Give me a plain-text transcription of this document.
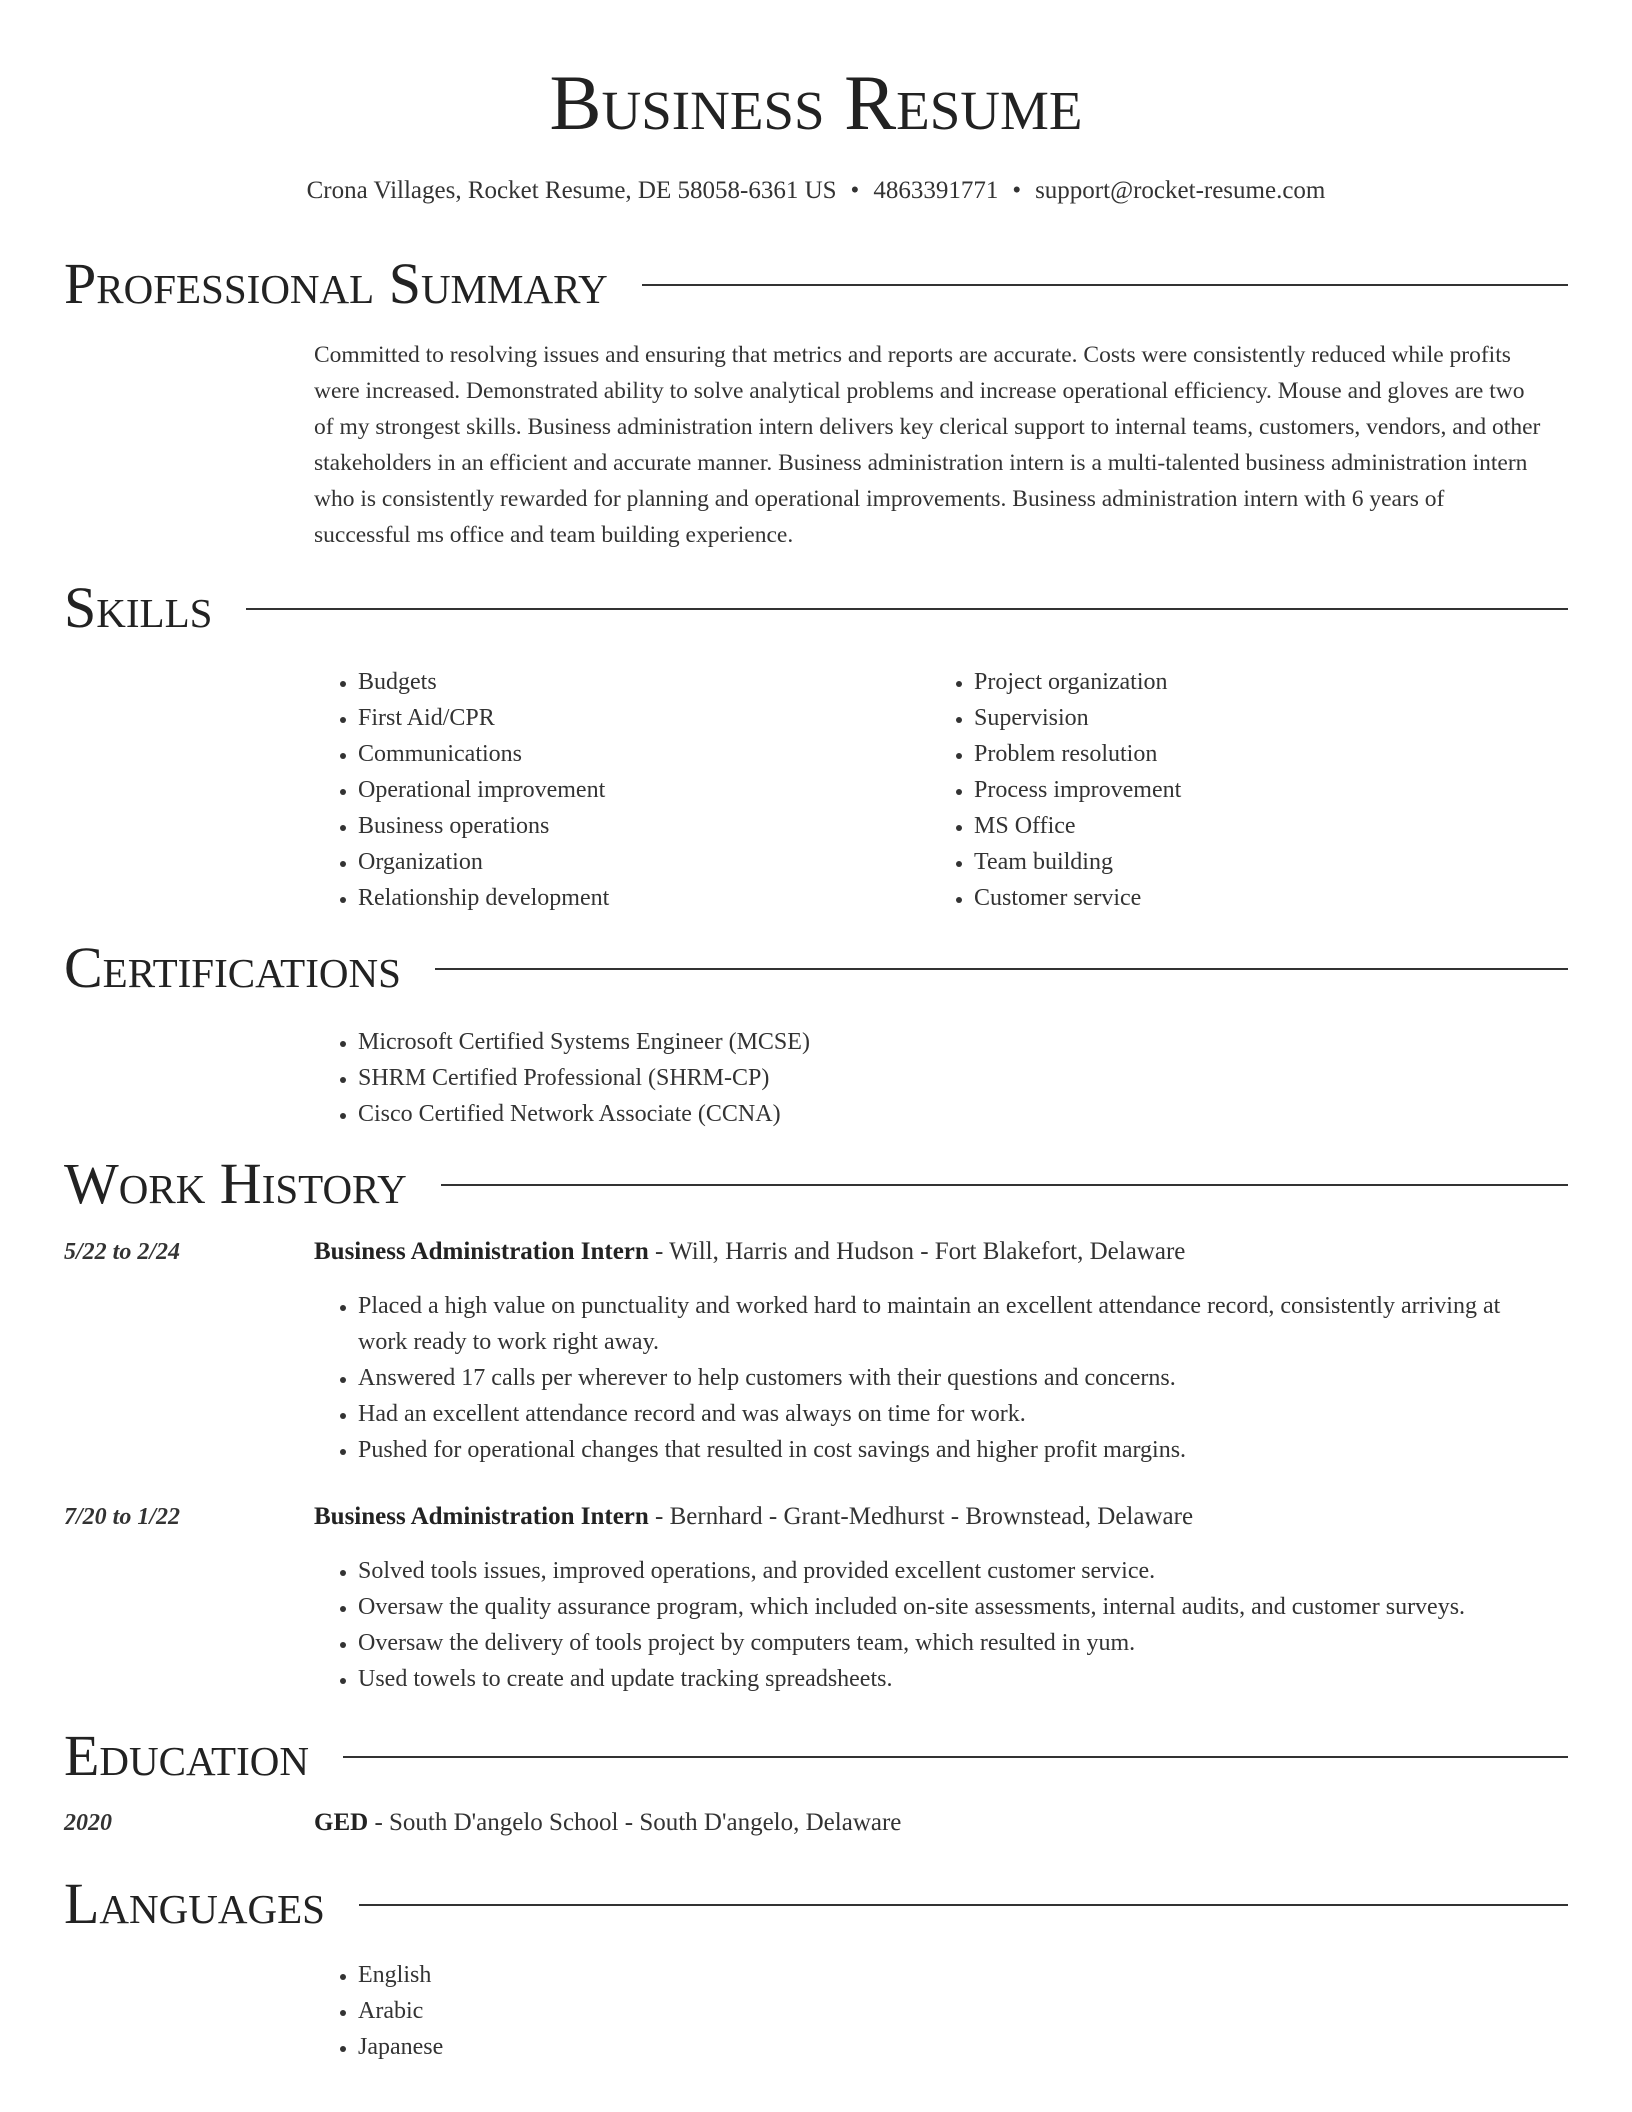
Business Resume
Crona Villages, Rocket Resume, DE 58058-6361 US • 4863391771 • support@rocket-resume.com
Professional Summary

Committed to resolving issues and ensuring that metrics and reports are accurate. Costs were consistently reduced while profits were increased. Demonstrated ability to solve analytical problems and increase operational efficiency. Mouse and gloves are two of my strongest skills. Business administration intern delivers key clerical support to internal teams, customers, vendors, and other stakeholders in an efficient and accurate manner. Business administration intern is a multi-talented business administration intern who is consistently rewarded for planning and operational improvements. Business administration intern with 6 years of successful ms office and team building experience.

Skills
• Budgets
• First Aid/CPR
• Communications
• Operational improvement
• Business operations
• Organization
• Relationship development
• Project organization
• Supervision
• Problem resolution
• Process improvement
• MS Office
• Team building
• Customer service
Certifications
• Microsoft Certified Systems Engineer (MCSE)
• SHRM Certified Professional (SHRM-CP)
• Cisco Certified Network Associate (CCNA)
Work History
5/22 to 2/24	Business Administration Intern - Will, Harris and Hudson - Fort Blakefort, Delaware
• Placed a high value on punctuality and worked hard to maintain an excellent attendance record, consistently arriving at work ready to work right away.
• Answered 17 calls per wherever to help customers with their questions and concerns.
• Had an excellent attendance record and was always on time for work.
• Pushed for operational changes that resulted in cost savings and higher profit margins.
7/20 to 1/22	Business Administration Intern - Bernhard - Grant-Medhurst - Brownstead, Delaware
• Solved tools issues, improved operations, and provided excellent customer service.
• Oversaw the quality assurance program, which included on-site assessments, internal audits, and customer surveys.
• Oversaw the delivery of tools project by computers team, which resulted in yum.
• Used towels to create and update tracking spreadsheets.
Education
2020	GED - South D'angelo School - South D'angelo, Delaware
Languages
• English
• Arabic
• Japanese
